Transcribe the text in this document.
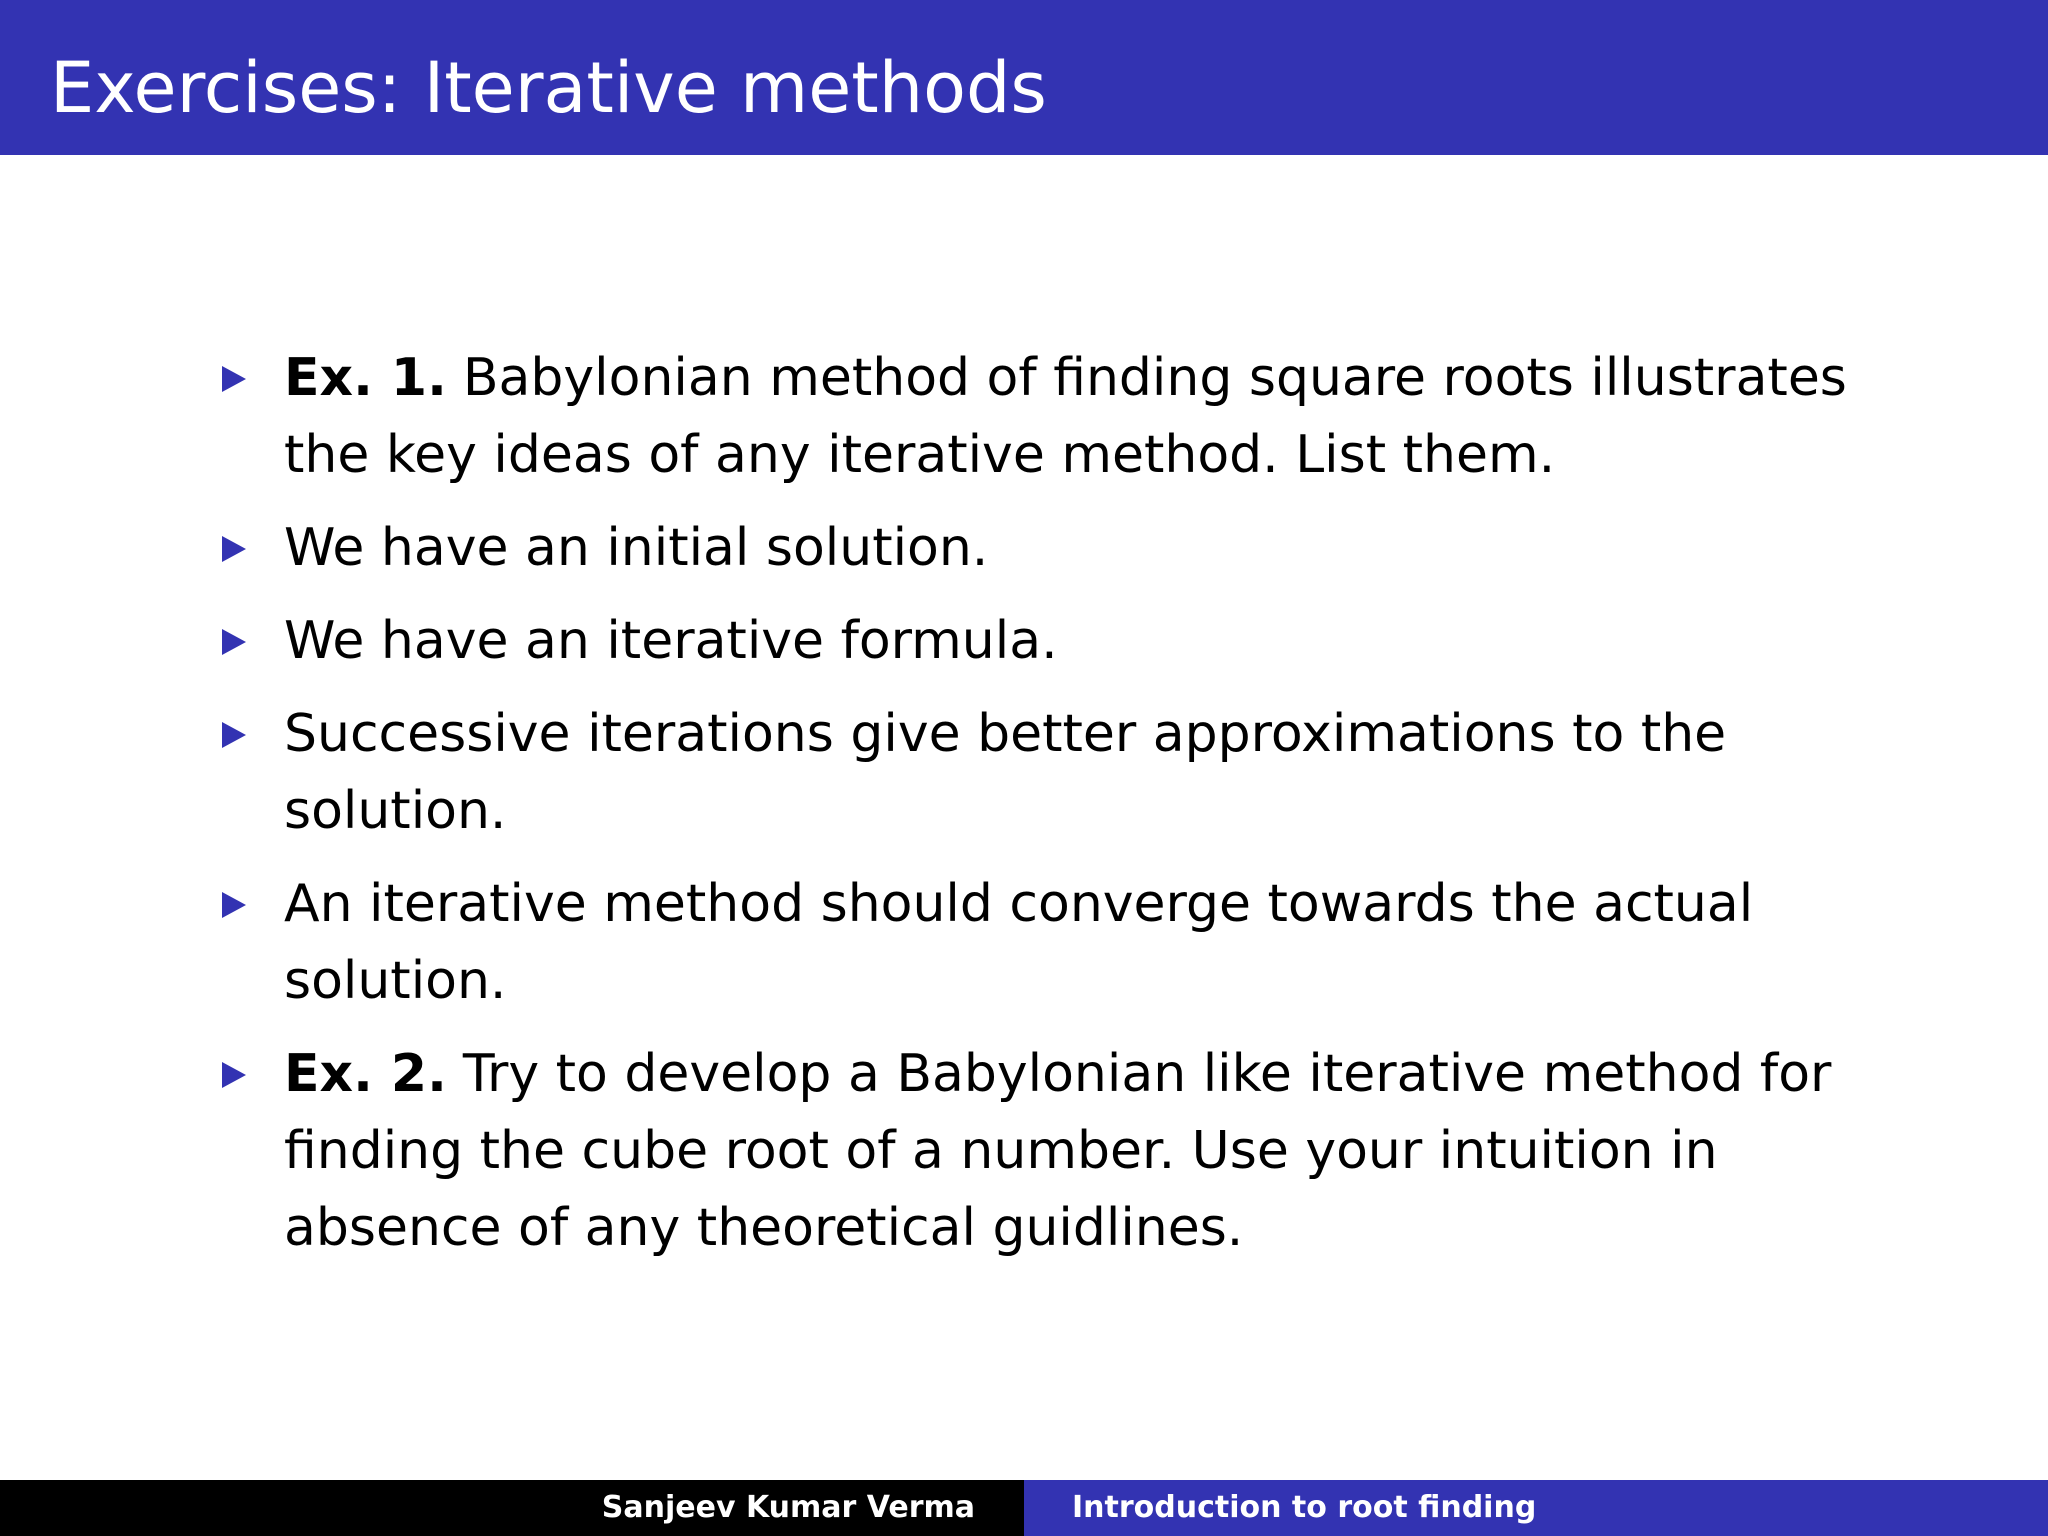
Exercises: Iterative methods
Ex. 1. Babylonian method of finding square roots illustrates the key ideas of any iterative method. List them.
We have an initial solution.
We have an iterative formula.
Successive iterations give better approximations to the solution.
An iterative method should converge towards the actual solution.
Ex. 2. Try to develop a Babylonian like iterative method for finding the cube root of a number. Use your intuition in absence of any theoretical guidlines.
Sanjeev Kumar Verma	Introduction to root finding
